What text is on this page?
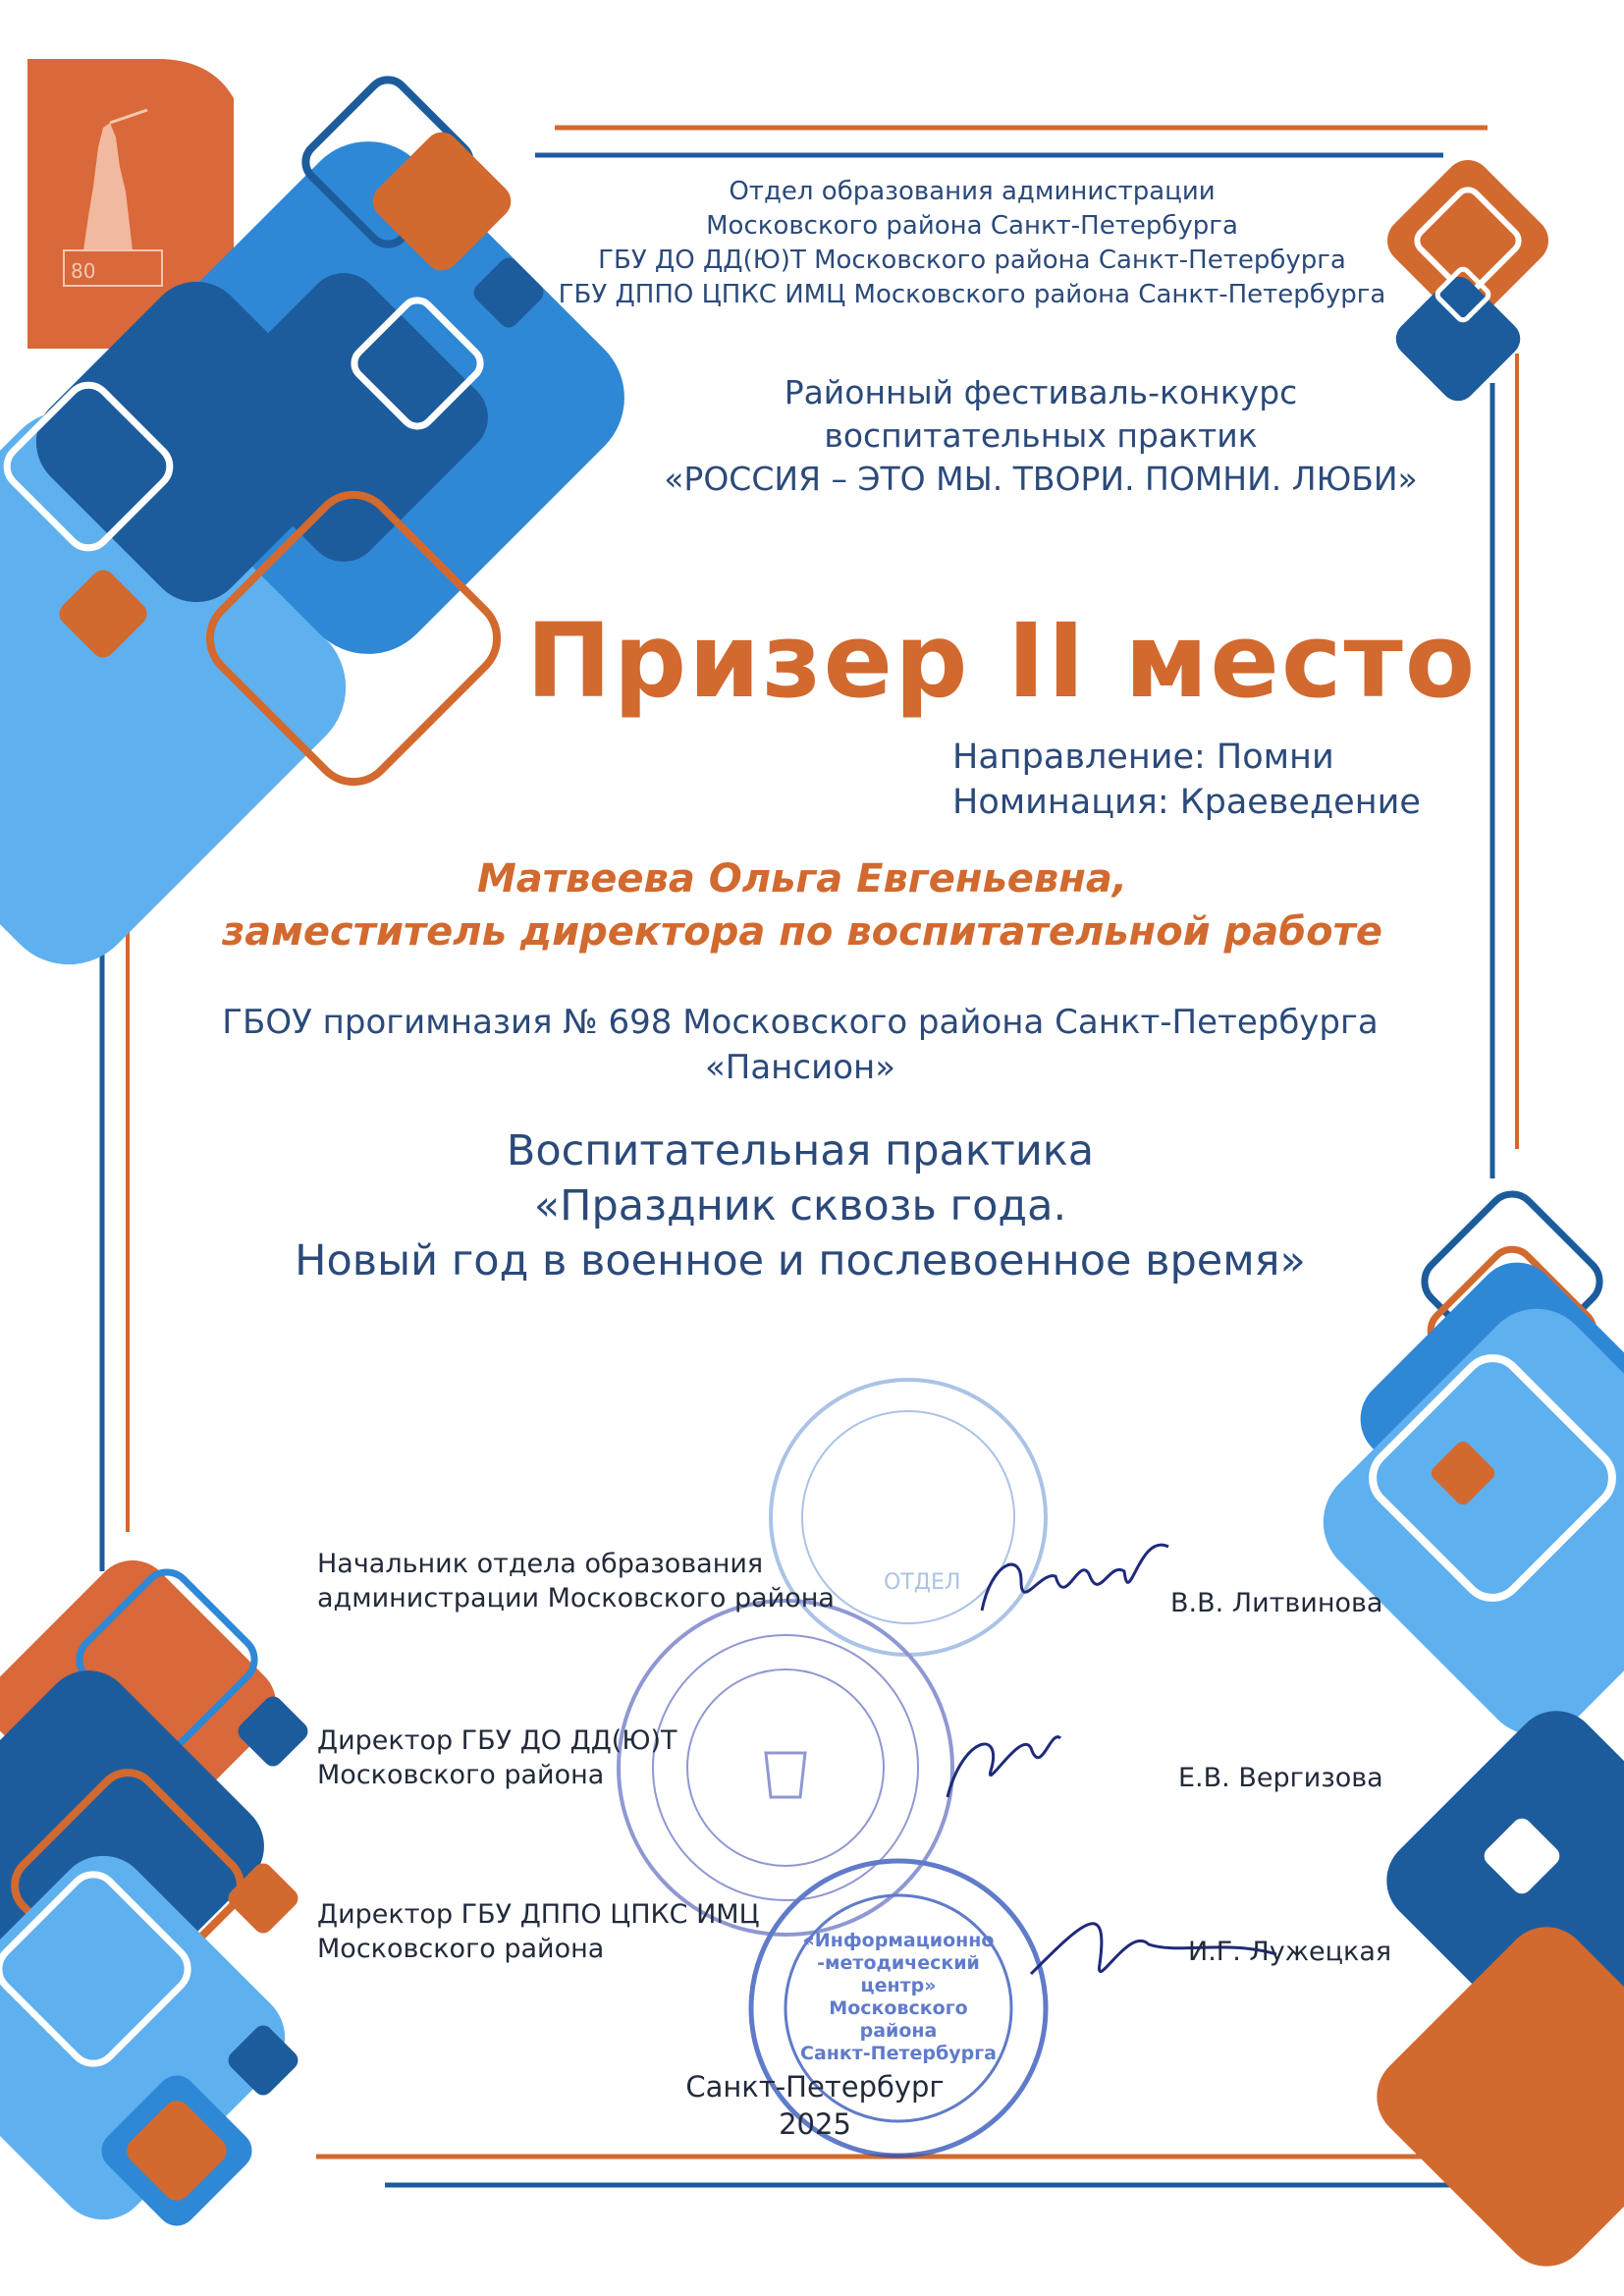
80
ОТДЕЛ
«Информационно -методический центр» Московского района Санкт-Петербурга
Отдел образования администрации
Московского района Санкт-Петербурга
ГБУ ДО ДД(Ю)Т Московского района Санкт-Петербурга
ГБУ ДППО ЦПКС ИМЦ Московского района Санкт-Петербурга
Районный фестиваль-конкурс
воспитательных практик
«РОССИЯ – ЭТО МЫ. ТВОРИ. ПОМНИ. ЛЮБИ»
Призер II место
Направление: Помни
Номинация: Краеведение
Матвеева Ольга Евгеньевна,
заместитель директора по воспитательной работе
ГБОУ прогимназия № 698 Московского района Санкт-Петербурга
«Пансион»
Воспитательная практика
«Праздник сквозь года.
Новый год в военное и послевоенное время»
Начальник отдела образования
администрации Московского района	В.В. Литвинова
Директор ГБУ ДО ДД(Ю)Т
Московского района	Е.В. Вергизова
Директор ГБУ ДППО ЦПКС ИМЦ
Московского района	И.Г. Лужецкая
Санкт-Петербург
2025
